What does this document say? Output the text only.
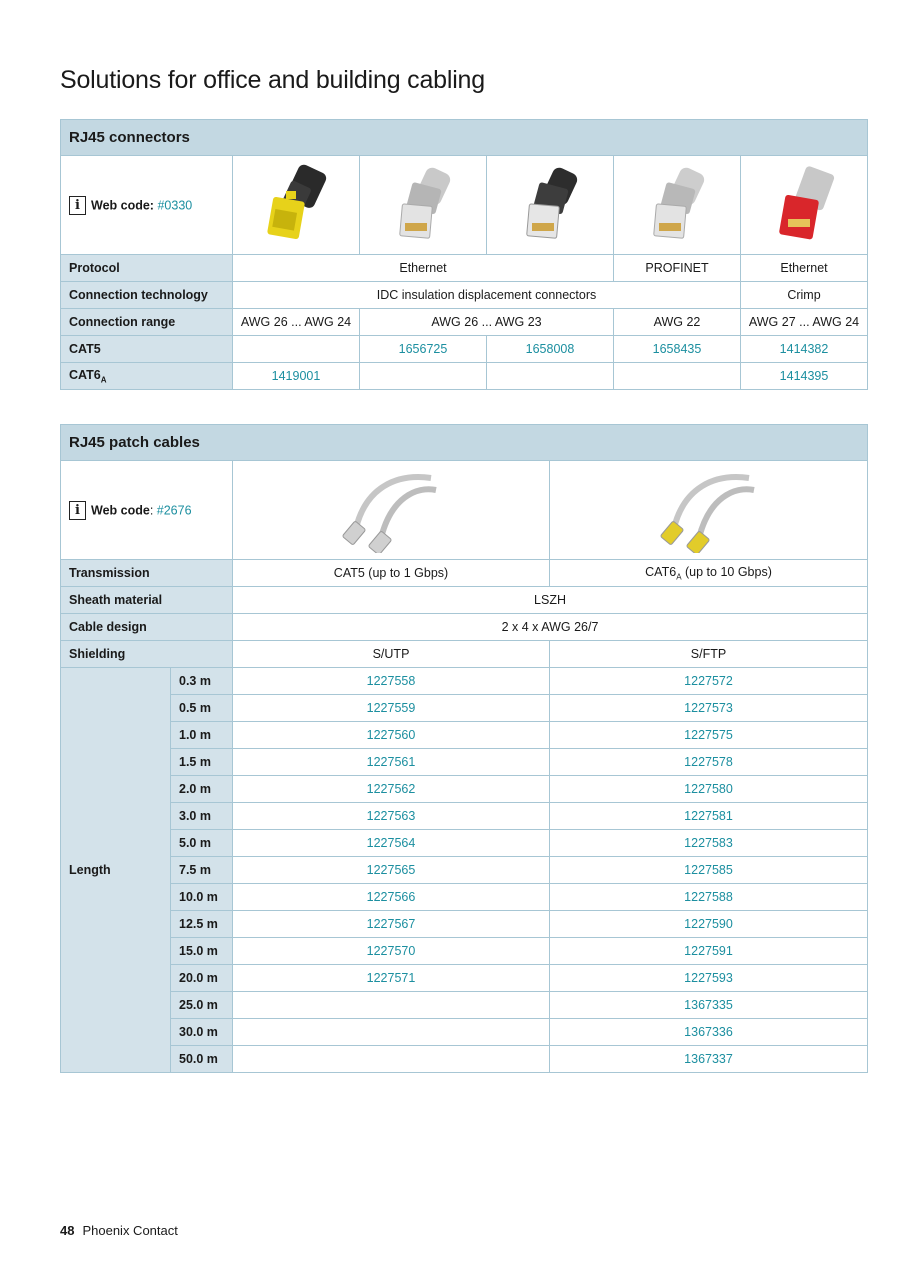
Solutions for office and building cabling
RJ45 connectors					
i Web code: #0330	

Protocol	Ethernet			PROFINET	Ethernet
Connection technology	IDC insulation displacement connectors				Crimp
Connection range	AWG 26 ... AWG 24	AWG 26 ... AWG 23		AWG 22	AWG 27 ... AWG 24
CAT5		1656725	1658008	1658435	1414382
$CAT6_A$	1419001				1414395
RJ45 patch cables			
i Web code: #2676	

Transmission		CAT5 (up to 1 Gbps)	$CAT6_A$ (up to 10 Gbps)
Sheath material		LSZH	
Cable design		2 x 4 x AWG 26/7	
Shielding		S/UTP	S/FTP
Length	0.3 m	1227558	1227572
	0.5 m	1227559	1227573
	1.0 m	1227560	1227575
	1.5 m	1227561	1227578
	2.0 m	1227562	1227580
	3.0 m	1227563	1227581
	5.0 m	1227564	1227583
	7.5 m	1227565	1227585
	10.0 m	1227566	1227588
	12.5 m	1227567	1227590
	15.0 m	1227570	1227591
	20.0 m	1227571	1227593
	25.0 m		1367335
	30.0 m		1367336
	50.0 m		1367337
48 Phoenix Contact
